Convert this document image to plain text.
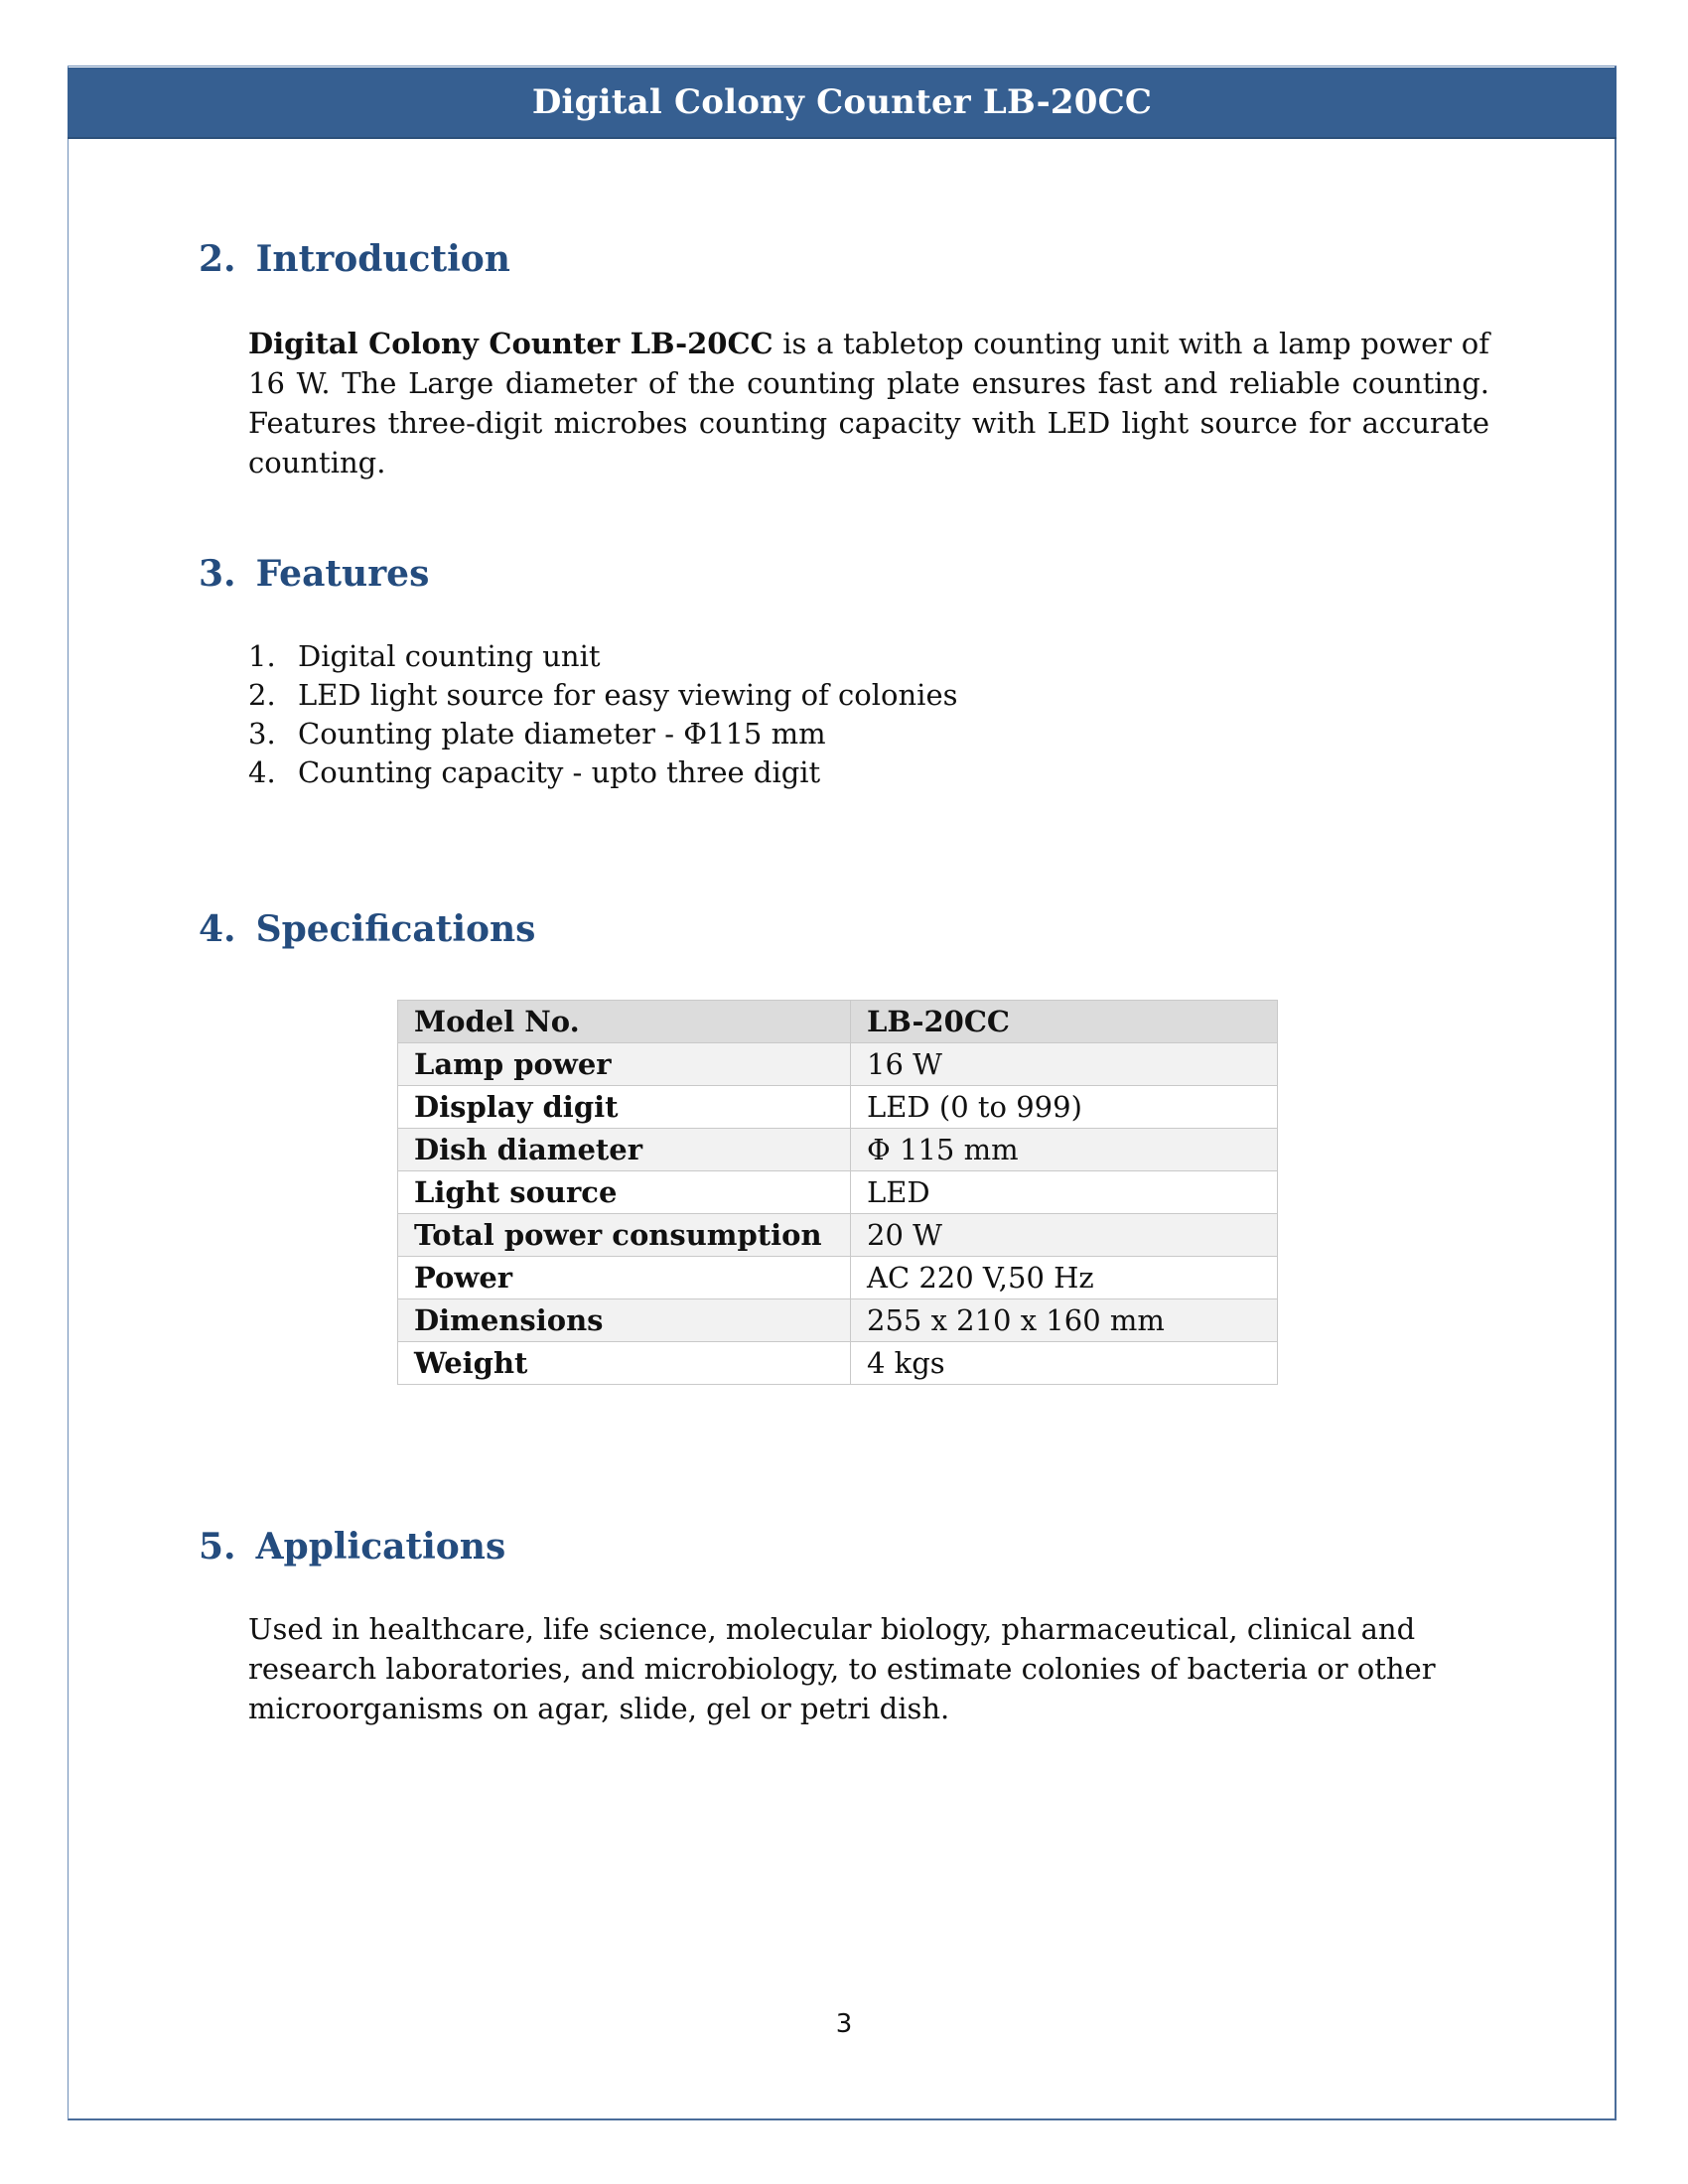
Digital Colony Counter LB-20CC
2. Introduction
Digital Colony Counter LB-20CC is a tabletop counting unit with a lamp power of 16 W. The Large diameter of the counting plate ensures fast and reliable counting. Features three-digit microbes counting capacity with LED light source for accurate counting.
3. Features
1. Digital counting unit
2. LED light source for easy viewing of colonies
3. Counting plate diameter - Φ115 mm
4. Counting capacity - upto three digit
4. Specifications
Model No.	LB-20CC
Lamp power	16 W
Display digit	LED (0 to 999)
Dish diameter	Φ 115 mm
Light source	LED
Total power consumption	20 W
Power	AC 220 V,50 Hz
Dimensions	255 x 210 x 160 mm
Weight	4 kgs
5. Applications
Used in healthcare, life science, molecular biology, pharmaceutical, clinical and research laboratories, and microbiology, to estimate colonies of bacteria or other microorganisms on agar, slide, gel or petri dish.
3
